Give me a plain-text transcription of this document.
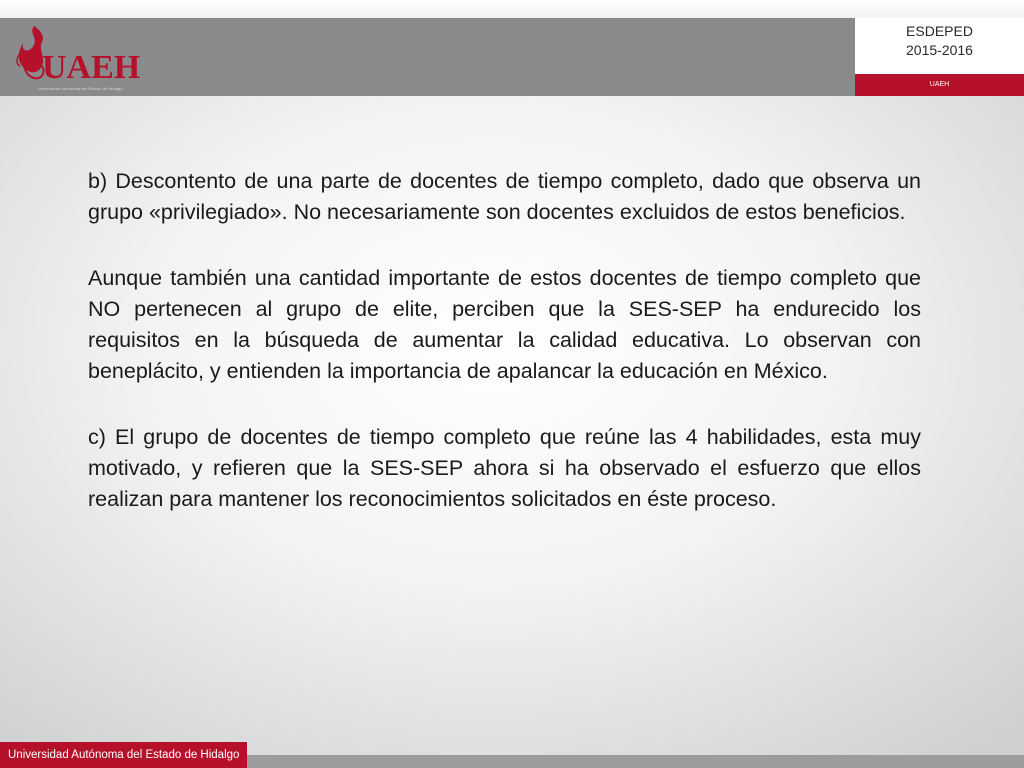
UAEH
Universidad Autónoma del Estado de Hidalgo
ESDEPED
2015-2016
UAEH

b) Descontento de una parte de docentes de tiempo completo, dado que observa un grupo «privilegiado». No necesariamente son docentes excluidos de estos beneficios.

Aunque también una cantidad importante de estos docentes de tiempo completo que NO pertenecen al grupo de elite, perciben que la SES-SEP ha endurecido los requisitos en la búsqueda de aumentar la calidad educativa. Lo observan con beneplácito, y entienden la importancia de apalancar la educación en México.

c) El grupo de docentes de tiempo completo que reúne las 4 habilidades, esta muy motivado, y refieren que la SES-SEP ahora si ha observado el esfuerzo que ellos realizan para mantener los reconocimientos solicitados en éste proceso.

Universidad Autónoma del Estado de Hidalgo
